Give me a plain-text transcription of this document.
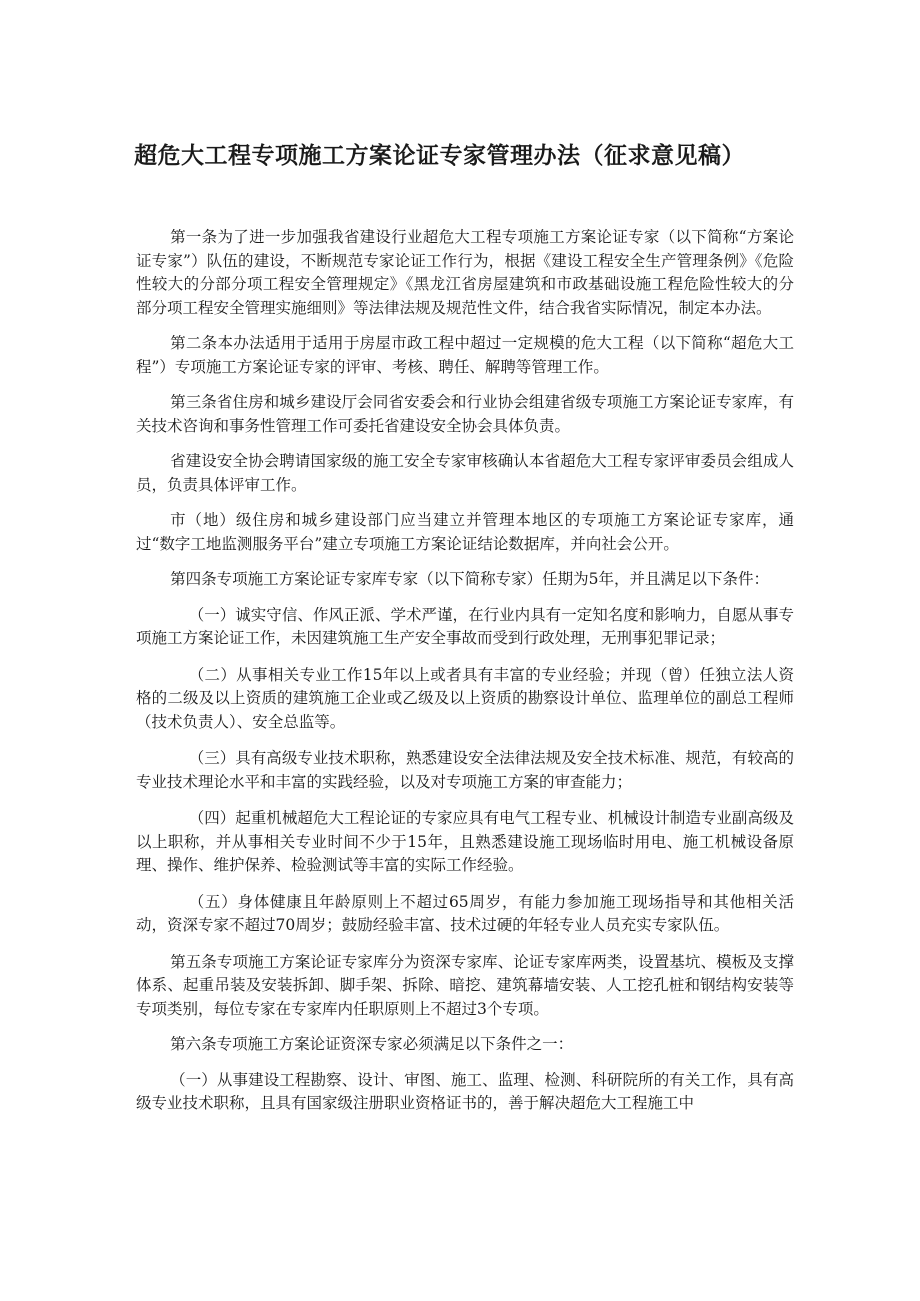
超危大工程专项施工方案论证专家管理办法（征求意见稿）

第一条为了进一步加强我省建设行业超危大工程专项施工方案论证专家（以下简称“方案论证专家”）队伍的建设，不断规范专家论证工作行为，根据《建设工程安全生产管理条例》《危险性较大的分部分项工程安全管理规定》《黑龙江省房屋建筑和市政基础设施工程危险性较大的分部分项工程安全管理实施细则》等法律法规及规范性文件，结合我省实际情况，制定本办法。

第二条本办法适用于适用于房屋市政工程中超过一定规模的危大工程（以下简称“超危大工程”）专项施工方案论证专家的评审、考核、聘任、解聘等管理工作。

第三条省住房和城乡建设厅会同省安委会和行业协会组建省级专项施工方案论证专家库，有关技术咨询和事务性管理工作可委托省建设安全协会具体负责。

省建设安全协会聘请国家级的施工安全专家审核确认本省超危大工程专家评审委员会组成人员，负责具体评审工作。

市（地）级住房和城乡建设部门应当建立并管理本地区的专项施工方案论证专家库，通过“数字工地监测服务平台”建立专项施工方案论证结论数据库，并向社会公开。

第四条专项施工方案论证专家库专家（以下简称专家）任期为5年，并且满足以下条件：

（一）诚实守信、作风正派、学术严谨，在行业内具有一定知名度和影响力，自愿从事专项施工方案论证工作，未因建筑施工生产安全事故而受到行政处理，无刑事犯罪记录；

（二）从事相关专业工作15年以上或者具有丰富的专业经验；并现（曾）任独立法人资格的二级及以上资质的建筑施工企业或乙级及以上资质的勘察设计单位、监理单位的副总工程师（技术负责人）、安全总监等。

（三）具有高级专业技术职称，熟悉建设安全法律法规及安全技术标准、规范，有较高的专业技术理论水平和丰富的实践经验，以及对专项施工方案的审查能力；

（四）起重机械超危大工程论证的专家应具有电气工程专业、机械设计制造专业副高级及以上职称，并从事相关专业时间不少于15年，且熟悉建设施工现场临时用电、施工机械设备原理、操作、维护保养、检验测试等丰富的实际工作经验。

（五）身体健康且年龄原则上不超过65周岁，有能力参加施工现场指导和其他相关活动，资深专家不超过70周岁；鼓励经验丰富、技术过硬的年轻专业人员充实专家队伍。

第五条专项施工方案论证专家库分为资深专家库、论证专家库两类，设置基坑、模板及支撑体系、起重吊装及安装拆卸、脚手架、拆除、暗挖、建筑幕墙安装、人工挖孔桩和钢结构安装等专项类别，每位专家在专家库内任职原则上不超过3个专项。

第六条专项施工方案论证资深专家必须满足以下条件之一：

（一）从事建设工程勘察、设计、审图、施工、监理、检测、科研院所的有关工作，具有高级专业技术职称，且具有国家级注册职业资格证书的，善于解决超危大工程施工中
